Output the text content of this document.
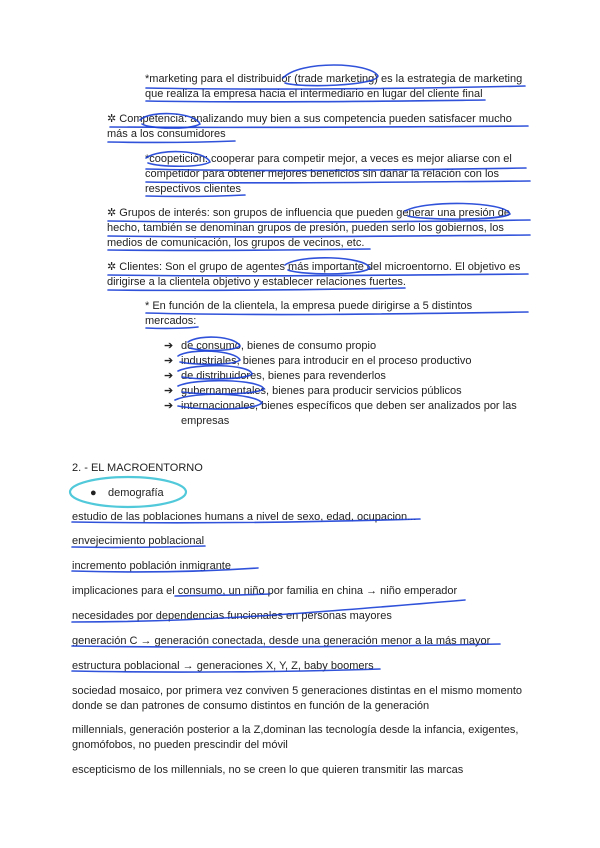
*marketing para el distribuidor (trade marketing) es la estrategia de marketing
que realiza la empresa hacia el intermediario en lugar del cliente final

✲ Competencia: analizando muy bien a sus competencia pueden satisfacer mucho
más a los consumidores

*coopetición: cooperar para competir mejor, a veces es mejor aliarse con el
competidor para obtener mejores beneficios sin dañar la relación con los
respectivos clientes

✲ Grupos de interés: son grupos de influencia que pueden generar una presión de
hecho, también se denominan grupos de presión, pueden serlo los gobiernos, los
medios de comunicación, los grupos de vecinos, etc.

✲ Clientes: Son el grupo de agentes más importante del microentorno. El objetivo es
dirigirse a la clientela objetivo y establecer relaciones fuertes.

* En función de la clientela, la empresa puede dirigirse a 5 distintos
mercados:

➔ de consumo, bienes de consumo propio
➔ industriales, bienes para introducir en el proceso productivo
➔ de distribuidores, bienes para revenderlos
➔ gubernamentales, bienes para producir servicios públicos
➔ internacionales, bienes específicos que deben ser analizados por las empresas
2. - EL MACROENTORNO
●	demografía
estudio de las poblaciones humans a nivel de sexo, edad, ocupacion...
envejecimiento poblacional
incremento población inmigrante
implicaciones para el consumo, un niño por familia en china → niño emperador
necesidades por dependencias funcionales en personas mayores
generación C → generación conectada, desde una generación menor a la más mayor
estructura poblacional → generaciones X, Y, Z, baby boomers

sociedad mosaico, por primera vez conviven 5 generaciones distintas en el mismo momento
donde se dan patrones de consumo distintos en función de la generación

millennials, generación posterior a la Z,dominan las tecnología desde la infancia, exigentes,
gnomófobos, no pueden prescindir del móvil

escepticismo de los millennials, no se creen lo que quieren transmitir las marcas
